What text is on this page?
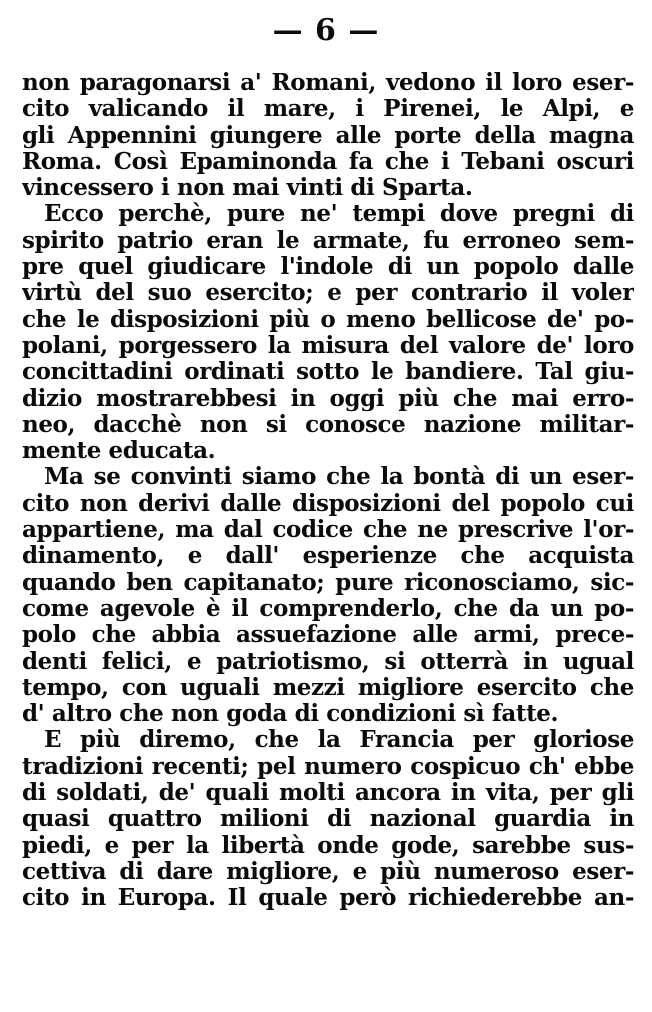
— 6 —
non paragonarsi a' Romani, vedono il loro eser-
cito valicando il mare, i Pirenei, le Alpi, e
gli Appennini giungere alle porte della magna
Roma. Così Epaminonda fa che i Tebani oscuri
vincessero i non mai vinti di Sparta.
Ecco perchè, pure ne' tempi dove pregni di
spirito patrio eran le armate, fu erroneo sem-
pre quel giudicare l'indole di un popolo dalle
virtù del suo esercito; e per contrario il voler
che le disposizioni più o meno bellicose de' po-
polani, porgessero la misura del valore de' loro
concittadini ordinati sotto le bandiere. Tal giu-
dizio mostrarebbesi in oggi più che mai erro-
neo, dacchè non si conosce nazione militar-
mente educata.
Ma se convinti siamo che la bontà di un eser-
cito non derivi dalle disposizioni del popolo cui
appartiene, ma dal codice che ne prescrive l'or-
dinamento, e dall' esperienze che acquista
quando ben capitanato; pure riconosciamo, sic-
come agevole è il comprenderlo, che da un po-
polo che abbia assuefazione alle armi, prece-
denti felici, e patriotismo, si otterrà in ugual
tempo, con uguali mezzi migliore esercito che
d' altro che non goda di condizioni sì fatte.
E più diremo, che la Francia per gloriose
tradizioni recenti; pel numero cospicuo ch' ebbe
di soldati, de' quali molti ancora in vita, per gli
quasi quattro milioni di nazional guardia in
piedi, e per la libertà onde gode, sarebbe sus-
cettiva di dare migliore, e più numeroso eser-
cito in Europa. Il quale però richiederebbe an-
